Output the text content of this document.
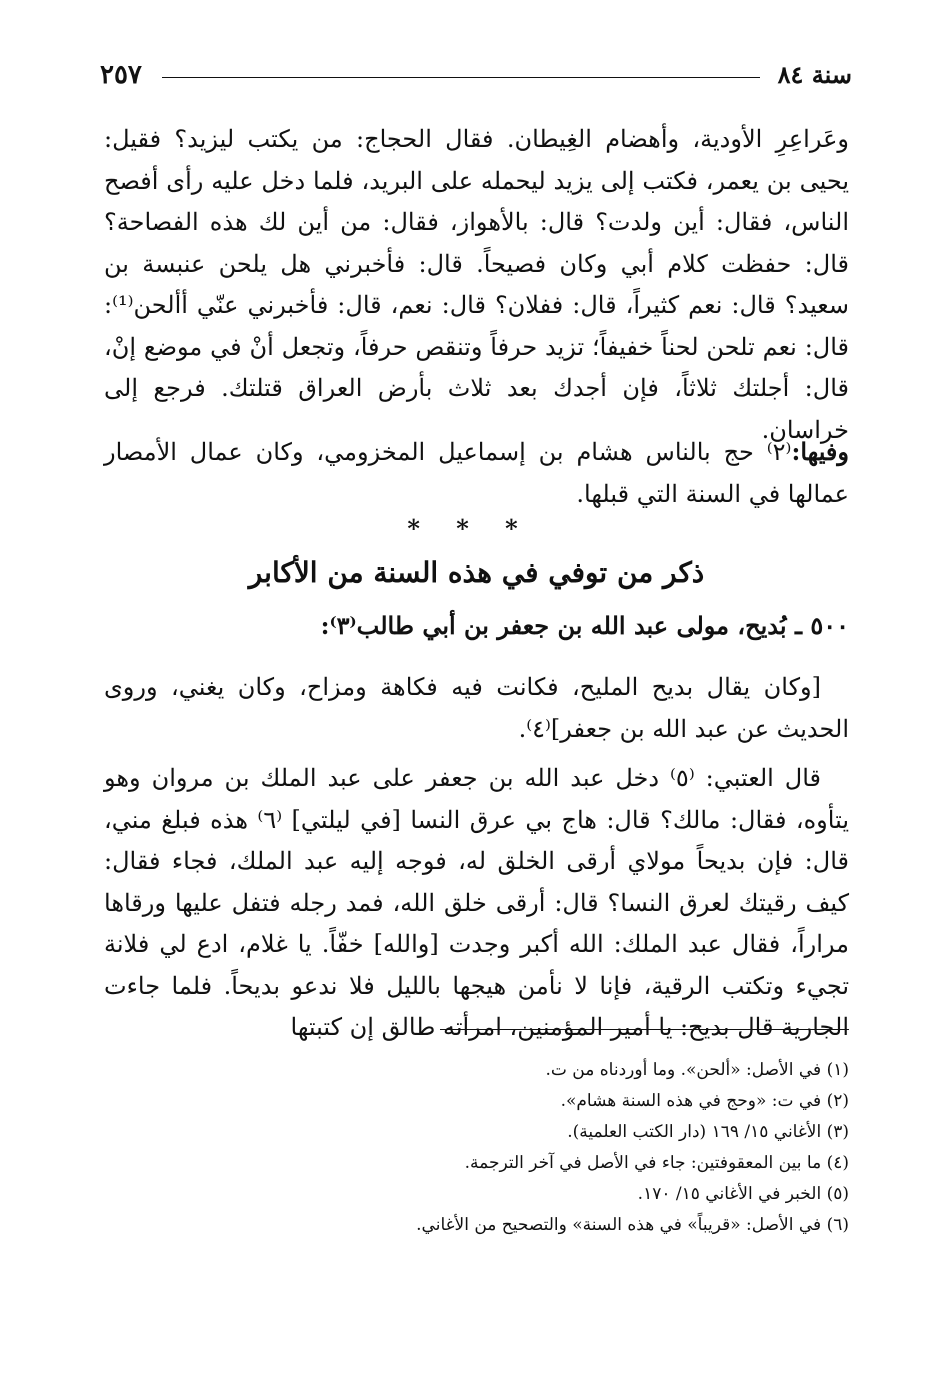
٢٥٧	سنة ٨٤
وعَراعِرِ الأودية، وأهضام الغِيطان. فقال الحجاج: من يكتب ليزيد؟ فقيل: يحيى بن يعمر، فكتب إلى يزيد ليحمله على البريد، فلما دخل عليه رأى أفصح الناس، فقال: أين ولدت؟ قال: بالأهواز، فقال: من أين لك هذه الفصاحة؟ قال: حفظت كلام أبي وكان فصيحاً. قال: فأخبرني هل يلحن عنبسة بن سعيد؟ قال: نعم كثيراً، قال: ففلان؟ قال: نعم، قال: فأخبرني عنّي أألحن⁽¹⁾: قال: نعم تلحن لحناً خفيفاً؛ تزيد حرفاً وتنقص حرفاً، وتجعل أنْ في موضع إنْ، قال: أجلتك ثلاثاً، فإن أجدك بعد ثلاث بأرض العراق قتلتك. فرجع إلى خراسان.
وفيها:⁽٢⁾ حج بالناس هشام بن إسماعيل المخزومي، وكان عمال الأمصار عمالها في السنة التي قبلها.
* * *
ذكر من توفي في هذه السنة من الأكابر
٥٠٠ ـ بُديح، مولى عبد الله بن جعفر بن أبي طالب⁽٣⁾:
[وكان يقال بديح المليح، فكانت فيه فكاهة ومزاح، وكان يغني، وروى الحديث عن عبد الله بن جعفر]⁽٤⁾.
قال العتبي: ⁽٥⁾ دخل عبد الله بن جعفر على عبد الملك بن مروان وهو يتأوه، فقال: مالك؟ قال: هاج بي عرق النسا [في ليلتي] ⁽٦⁾ هذه فبلغ مني، قال: فإن بديحاً مولاي أرقى الخلق له، فوجه إليه عبد الملك، فجاء فقال: كيف رقيتك لعرق النسا؟ قال: أرقى خلق الله، فمد رجله فتفل عليها ورقاها مراراً، فقال عبد الملك: الله أكبر وجدت [والله] خفّاً. يا غلام، ادع لي فلانة تجيء وتكتب الرقية، فإنا لا نأمن هيجها بالليل فلا ندعو بديحاً. فلما جاءت الجارية قال بديح: يا أمير المؤمنين، امرأته طالق إن كتبتها
(١) في الأصل: «ألحن». وما أوردناه من ت.
(٢) في ت: «وحج في هذه السنة هشام».
(٣) الأغاني ١٥/ ١٦٩ (دار الكتب العلمية).
(٤) ما بين المعقوفتين: جاء في الأصل في آخر الترجمة.
(٥) الخبر في الأغاني ١٥/ ١٧٠.
(٦) في الأصل: «قريباً» في هذه السنة» والتصحيح من الأغاني.
